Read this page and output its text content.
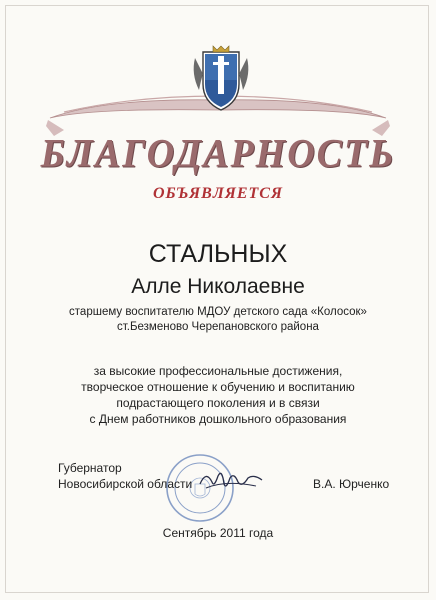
БЛАГОДАРНОСТЬ
ОБЪЯВЛЯЕТСЯ
СТАЛЬНЫХ
Алле Николаевне
старшему воспитателю МДОУ детского сада «Колосок»
ст.Безменово Черепановского района
за высокие профессиональные достижения,
творческое отношение к обучению и воспитанию
подрастающего поколения и в связи
с Днем работников дошкольного образования
Губернатор
Новосибирской области	В.А. Юрченко
Сентябрь 2011 года
